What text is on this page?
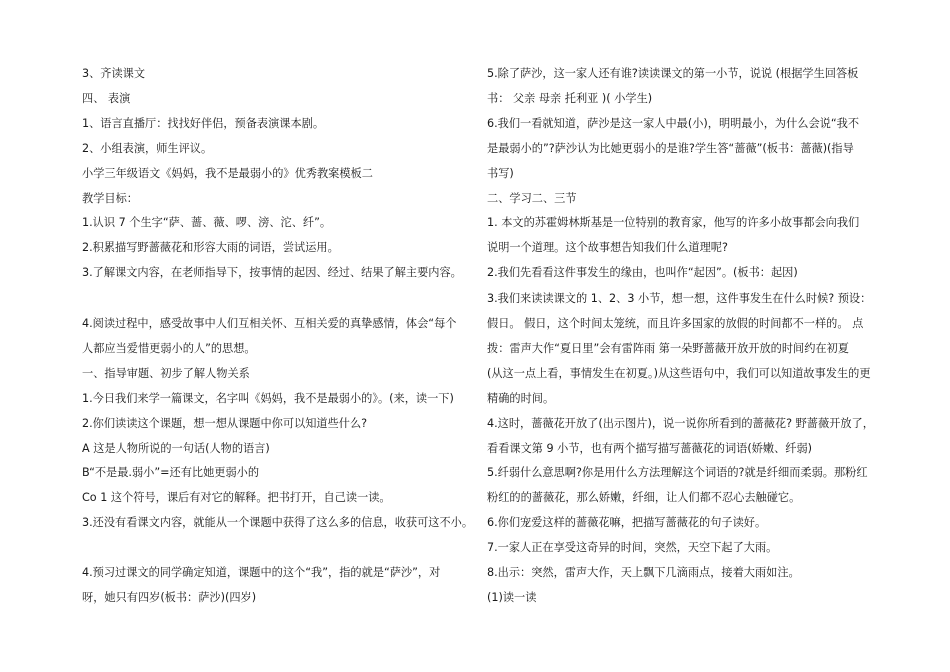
3、齐读课文
四、 表演
1、语言直播厅：找找好伴侣，预备表演课本剧。
2、小组表演，师生评议。
小学三年级语文《妈妈，我不是最弱小的》优秀教案模板二
教学目标：
1.认识 7 个生字“萨、蔷、薇、啰、滂、沱、纤”。
2.积累描写野蔷薇花和形容大雨的词语，尝试运用。
3.了解课文内容，在老师指导下，按事情的起因、经过、结果了解主要内容。
4.阅读过程中，感受故事中人们互相关怀、互相关爱的真挚感情，体会“每个
人都应当爱惜更弱小的人”的思想。
一、指导审题、初步了解人物关系
1.今日我们来学一篇课文，名字叫《妈妈，我不是最弱小的》。(来，读一下)
2.你们读读这个课题，想一想从课题中你可以知道些什么?
A 这是人物所说的一句话(人物的语言)
B“不是最.弱小”=还有比她更弱小的
Co 1 这个符号，课后有对它的解释。把书打开，自己读一读。
3.还没有看课文内容，就能从一个课题中获得了这么多的信息，收获可这不小。
4.预习过课文的同学确定知道，课题中的这个“我”，指的就是“萨沙”，对
呀，她只有四岁(板书：萨沙)(四岁)
5.除了萨沙，这一家人还有谁?读读课文的第一小节，说说 (根据学生回答板
书： 父亲 母亲 托利亚 )( 小学生)
6.我们一看就知道，萨沙是这一家人中最(小)，明明最小，为什么会说“我不
是最弱小的”?萨沙认为比她更弱小的是谁?学生答“蔷薇”(板书：蔷薇)(指导
书写)
二、学习二、三节
1. 本文的苏霍姆林斯基是一位特别的教育家，他写的许多小故事都会向我们
说明一个道理。这个故事想告知我们什么道理呢?
2.我们先看看这件事发生的缘由，也叫作“起因”。(板书：起因)
3.我们来读读课文的 1、2、3 小节，想一想，这件事发生在什么时候? 预设：
假日。 假日，这个时间太笼统，而且许多国家的放假的时间都不一样的。 点
拨：雷声大作“夏日里”会有雷阵雨 第一朵野蔷薇开放开放的时间约在初夏
(从这一点上看，事情发生在初夏。)从这些语句中，我们可以知道故事发生的更
精确的时间。
4.这时，蔷薇花开放了(出示图片)，说一说你所看到的蔷薇花? 野蔷薇开放了，
看看课文第 9 小节，也有两个描写描写蔷薇花的词语(娇嫩、纤弱)
5.纤弱什么意思啊?你是用什么方法理解这个词语的?就是纤细而柔弱。那粉红
粉红的的蔷薇花，那么娇嫩，纤细，让人们都不忍心去触碰它。
6.你们宠爱这样的蔷薇花嘛，把描写蔷薇花的句子读好。
7.一家人正在享受这奇异的时间，突然，天空下起了大雨。
8.出示：突然，雷声大作，天上飘下几滴雨点，接着大雨如注。
(1)读一读
